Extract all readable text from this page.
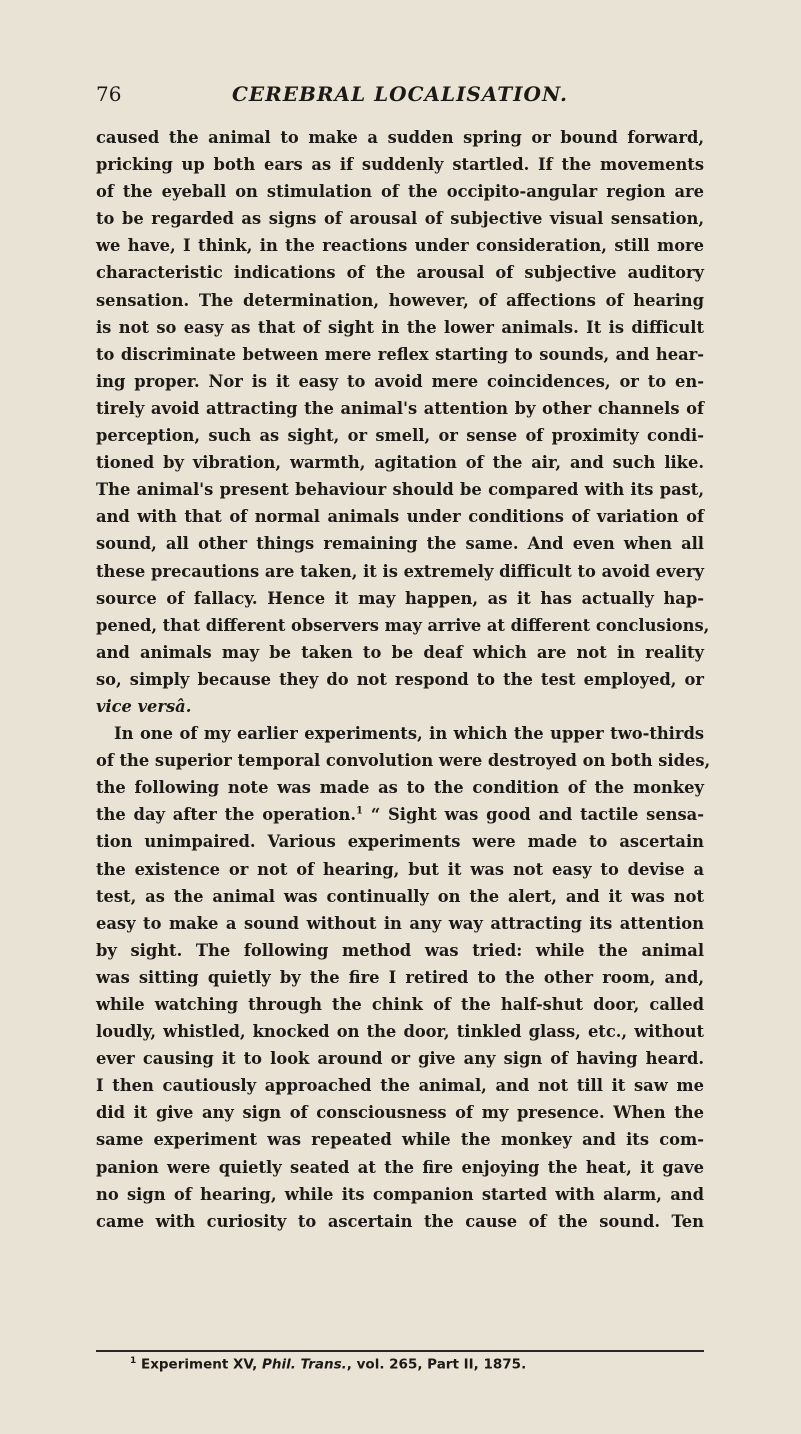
76	CEREBRAL LOCALISATION.
caused the animal to make a sudden spring or bound forward,
pricking up both ears as if suddenly startled. If the movements
of the eyeball on stimulation of the occipito-angular region are
to be regarded as signs of arousal of subjective visual sensation,
we have, I think, in the reactions under consideration, still more
characteristic indications of the arousal of subjective auditory
sensation. The determination, however, of affections of hearing
is not so easy as that of sight in the lower animals. It is difficult
to discriminate between mere reflex starting to sounds, and hear-
ing proper. Nor is it easy to avoid mere coincidences, or to en-
tirely avoid attracting the animal's attention by other channels of
perception, such as sight, or smell, or sense of proximity condi-
tioned by vibration, warmth, agitation of the air, and such like.
The animal's present behaviour should be compared with its past,
and with that of normal animals under conditions of variation of
sound, all other things remaining the same. And even when all
these precautions are taken, it is extremely difficult to avoid every
source of fallacy. Hence it may happen, as it has actually hap-
pened, that different observers may arrive at different conclusions,
and animals may be taken to be deaf which are not in reality
so, simply because they do not respond to the test employed, or
vice versâ.
In one of my earlier experiments, in which the upper two-thirds
of the superior temporal convolution were destroyed on both sides,
the following note was made as to the condition of the monkey
the day after the operation.$^1$ “ Sight was good and tactile sensa-
tion unimpaired. Various experiments were made to ascertain
the existence or not of hearing, but it was not easy to devise a
test, as the animal was continually on the alert, and it was not
easy to make a sound without in any way attracting its attention
by sight. The following method was tried: while the animal
was sitting quietly by the fire I retired to the other room, and,
while watching through the chink of the half-shut door, called
loudly, whistled, knocked on the door, tinkled glass, etc., without
ever causing it to look around or give any sign of having heard.
I then cautiously approached the animal, and not till it saw me
did it give any sign of consciousness of my presence. When the
same experiment was repeated while the monkey and its com-
panion were quietly seated at the fire enjoying the heat, it gave
no sign of hearing, while its companion started with alarm, and
came with curiosity to ascertain the cause of the sound. Ten
$^1$ Experiment XV, Phil. Trans., vol. 265, Part II, 1875.
